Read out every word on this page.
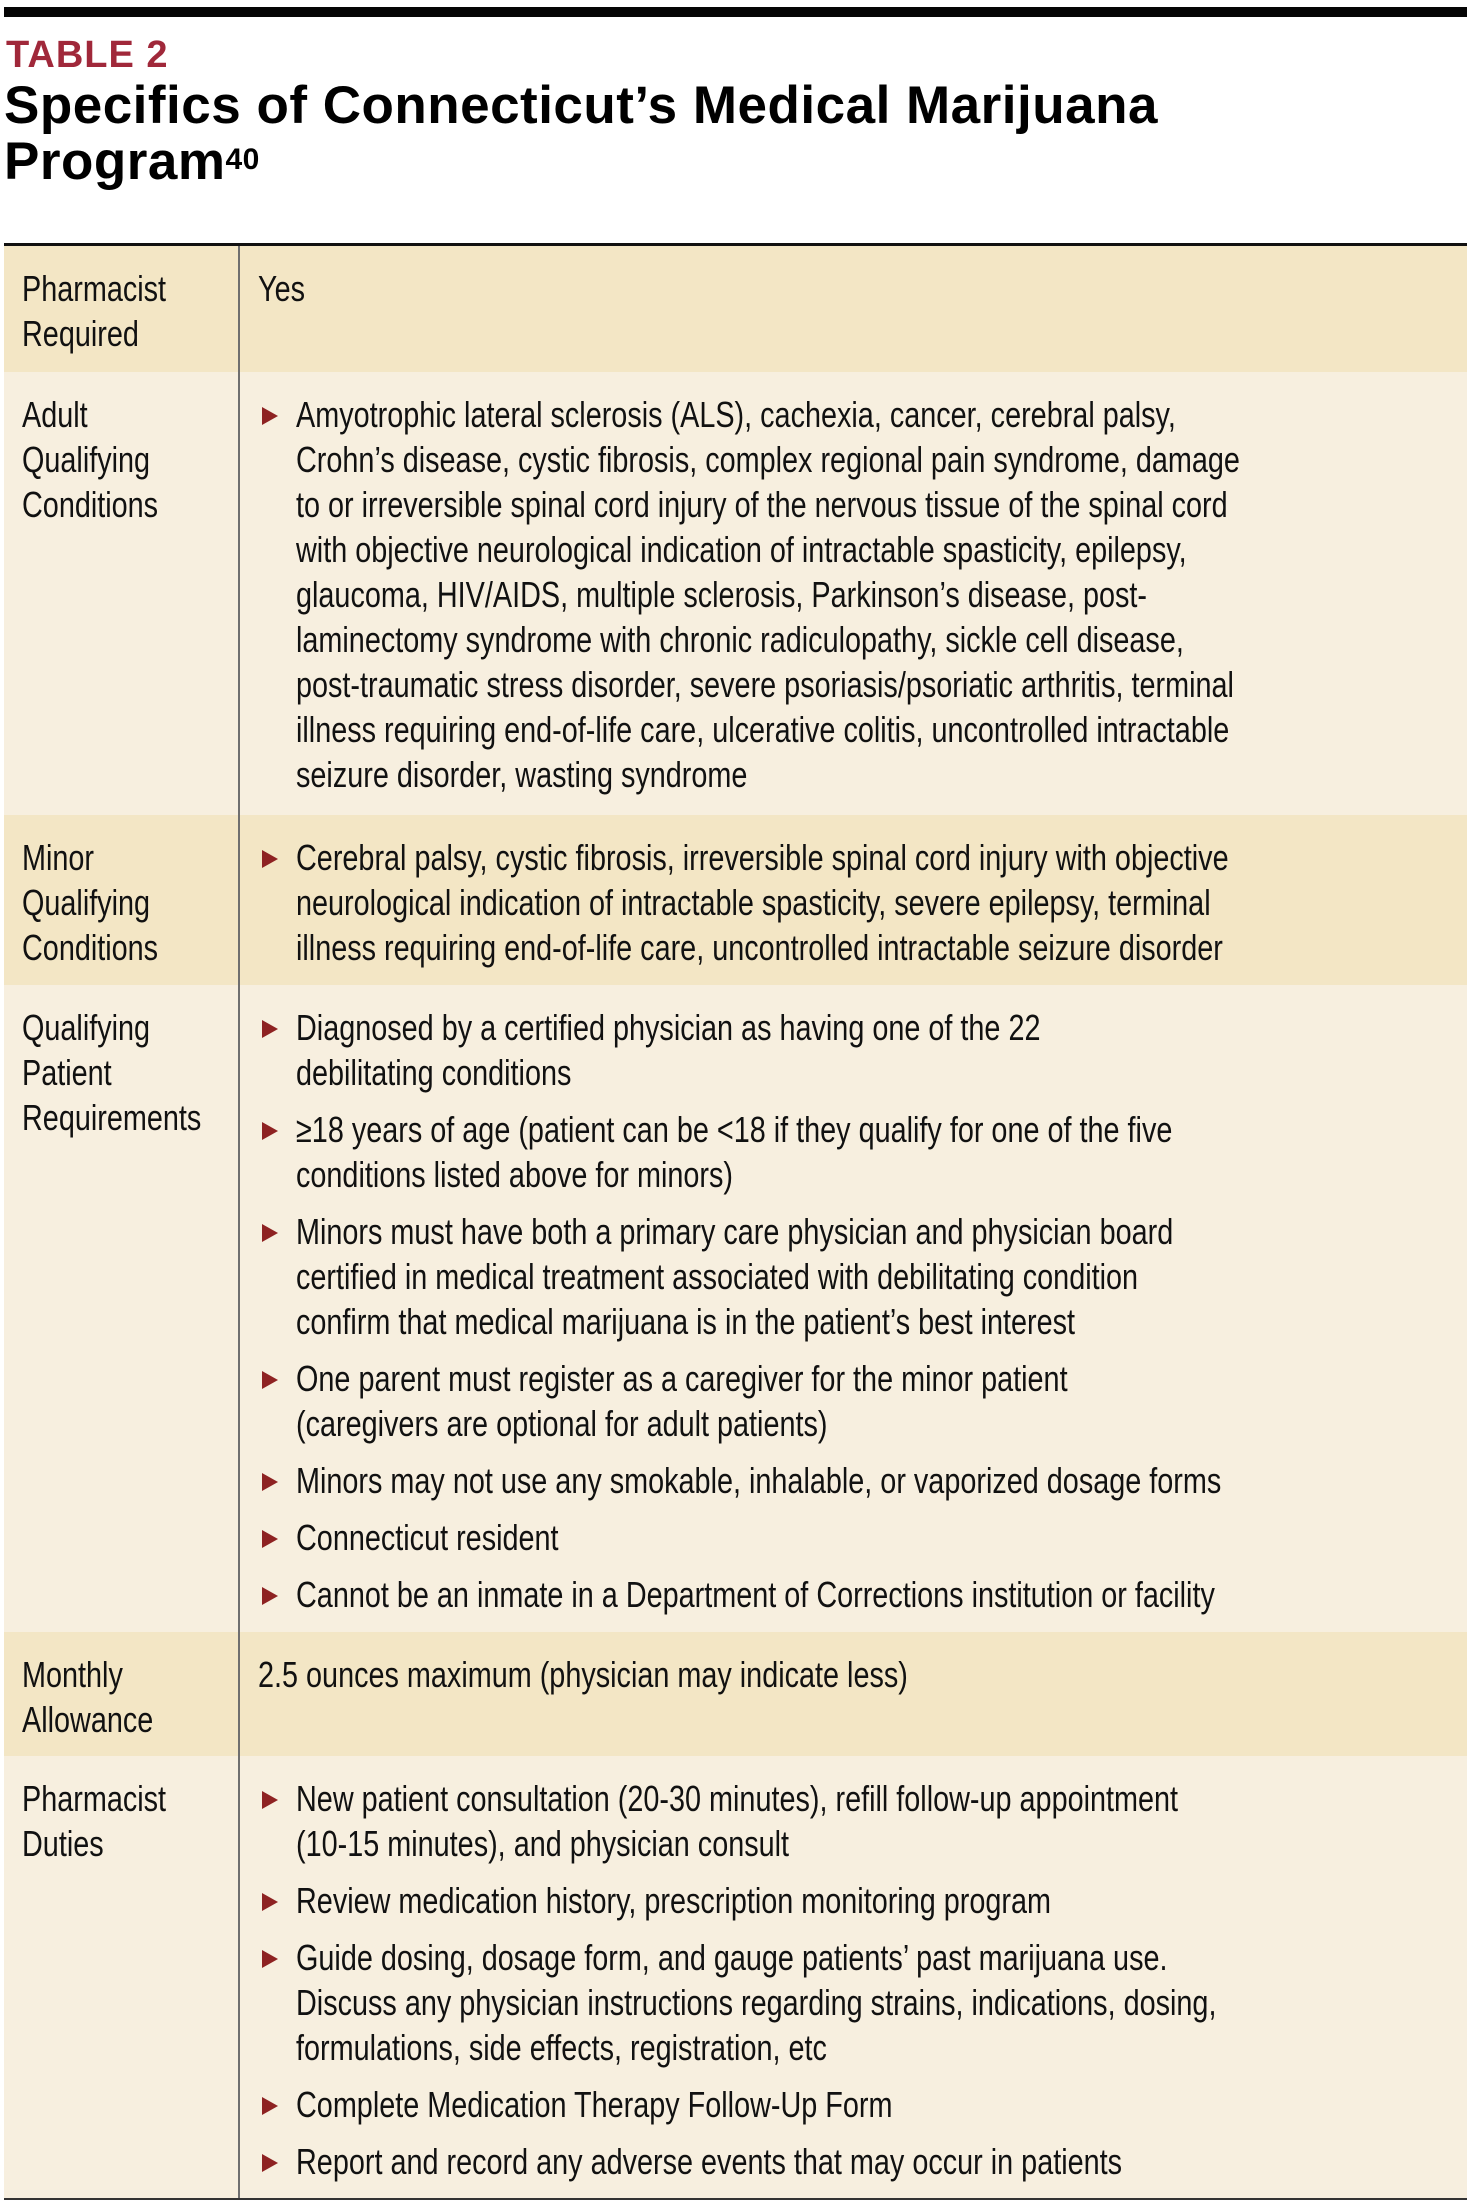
TABLE 2
Specifics of Connecticut’s Medical Marijuana
Program$^{40}$
Pharmacist
Required
Yes
Adult
Qualifying
Conditions
Amyotrophic lateral sclerosis (ALS), cachexia, cancer, cerebral palsy,
Crohn’s disease, cystic fibrosis, complex regional pain syndrome, damage
to or irreversible spinal cord injury of the nervous tissue of the spinal cord
with objective neurological indication of intractable spasticity, epilepsy,
glaucoma, HIV/AIDS, multiple sclerosis, Parkinson’s disease, post-
laminectomy syndrome with chronic radiculopathy, sickle cell disease,
post-traumatic stress disorder, severe psoriasis/psoriatic arthritis, terminal
illness requiring end-of-life care, ulcerative colitis, uncontrolled intractable
seizure disorder, wasting syndrome
Minor
Qualifying
Conditions
Cerebral palsy, cystic fibrosis, irreversible spinal cord injury with objective
neurological indication of intractable spasticity, severe epilepsy, terminal
illness requiring end-of-life care, uncontrolled intractable seizure disorder
Qualifying
Patient
Requirements
Diagnosed by a certified physician as having one of the 22
debilitating conditions
≥18 years of age (patient can be <18 if they qualify for one of the five
conditions listed above for minors)
Minors must have both a primary care physician and physician board
certified in medical treatment associated with debilitating condition
confirm that medical marijuana is in the patient’s best interest
One parent must register as a caregiver for the minor patient
(caregivers are optional for adult patients)
Minors may not use any smokable, inhalable, or vaporized dosage forms
Connecticut resident
Cannot be an inmate in a Department of Corrections institution or facility
Monthly
Allowance
2.5 ounces maximum (physician may indicate less)
Pharmacist
Duties
New patient consultation (20-30 minutes), refill follow-up appointment
(10-15 minutes), and physician consult
Review medication history, prescription monitoring program
Guide dosing, dosage form, and gauge patients’ past marijuana use.
Discuss any physician instructions regarding strains, indications, dosing,
formulations, side effects, registration, etc
Complete Medication Therapy Follow-Up Form
Report and record any adverse events that may occur in patients
